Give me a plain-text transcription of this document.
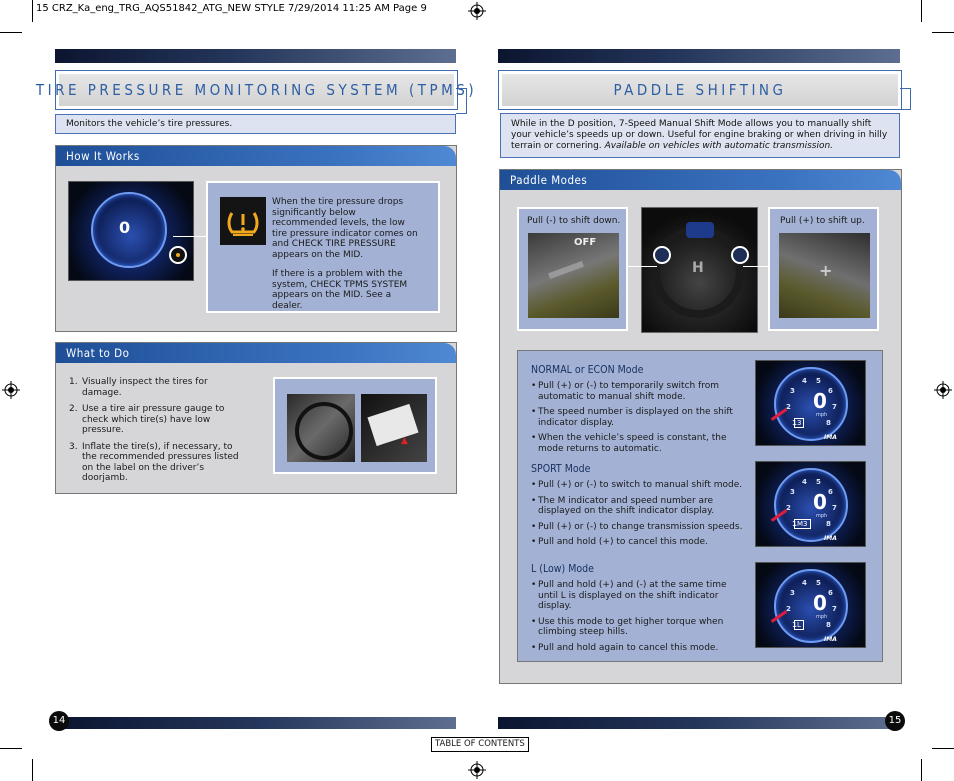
15 CRZ_Ka_eng_TRG_AQS51842_ATG_NEW STYLE 7/29/2014 11:25 AM Page 9
TIRE PRESSURE MONITORING SYSTEM (TPMS)
Monitors the vehicle’s tire pressures.
How It Works
0
When the tire pressure drops significantly below recommended levels, the low tire pressure indicator comes on and CHECK TIRE PRESSURE appears on the MID.
If there is a problem with the system, CHECK TPMS SYSTEM appears on the MID. See a dealer.
What to Do
1. Visually inspect the tires for damage.
2. Use a tire air pressure gauge to check which tire(s) have low pressure.
3. Inflate the tire(s), if necessary, to the recommended pressures listed on the label on the driver’s doorjamb.
▲
14
PADDLE SHIFTING
While in the D position, 7-Speed Manual Shift Mode allows you to manually shift your vehicle’s speeds up or down. Useful for engine braking or when driving in hilly terrain or cornering. Available on vehicles with automatic transmission.
Paddle Modes
Pull (-) to shift down.
OFF
H
Pull (+) to shift up.
+
NORMAL or ECON Mode
• Pull (+) or (-) to temporarily switch from automatic to manual shift mode.
• The speed number is displayed on the shift indicator display.
• When the vehicle’s speed is constant, the mode returns to automatic.
SPORT Mode
• Pull (+) or (-) to switch to manual shift mode.
• The M indicator and speed number are displayed on the shift indicator display.
• Pull (+) or (-) to change transmission speeds.
• Pull and hold (+) to cancel this mode.
L (Low) Mode
• Pull and hold (+) and (-) at the same time until L is displayed on the shift indicator display.
• Use this mode to get higher torque when climbing steep hills.
• Pull and hold again to cancel this mode.
1
2
3
4 5
6
7
8
0
mph
3
IMA
1
2
3
4 5
6
7
8
0
mph
M3
IMA
1
2
3
4 5
6
7
8
0
mph
L
IMA
15
TABLE OF CONTENTS
